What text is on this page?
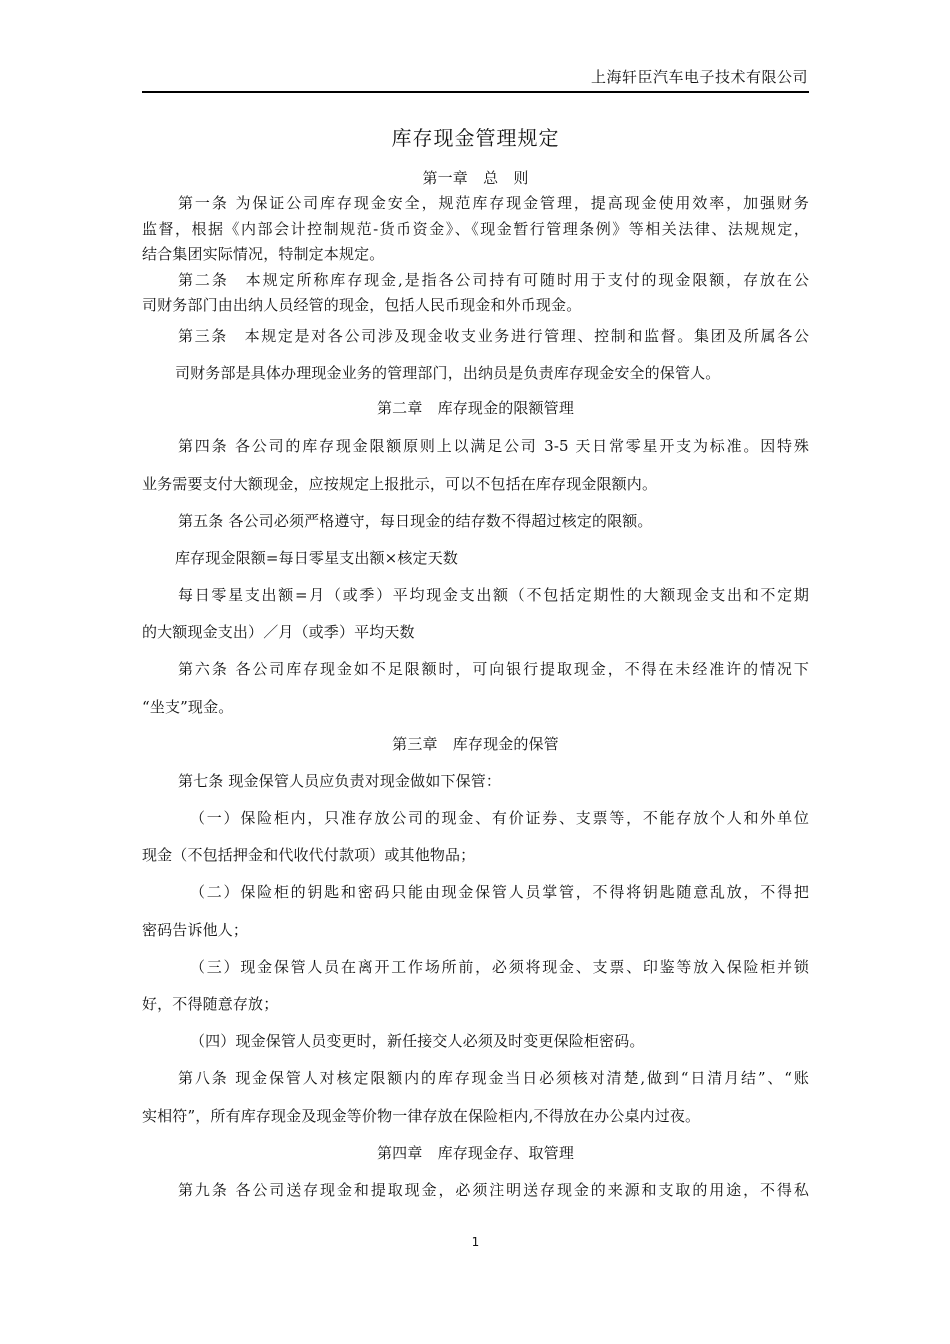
上海轩臣汽车电子技术有限公司
库存现金管理规定
第一章　总　则
第一条 为保证公司库存现金安全，规范库存现金管理，提高现金使用效率，加强财务
监督，根据《内部会计控制规范-货币资金》、《现金暂行管理条例》等相关法律、法规规定，
结合集团实际情况，特制定本规定。
第二条　本规定所称库存现金,是指各公司持有可随时用于支付的现金限额，存放在公
司财务部门由出纳人员经管的现金，包括人民币现金和外币现金。
第三条　本规定是对各公司涉及现金收支业务进行管理、控制和监督。集团及所属各公
司财务部是具体办理现金业务的管理部门，出纳员是负责库存现金安全的保管人。
第二章　库存现金的限额管理
第四条 各公司的库存现金限额原则上以满足公司 3-5 天日常零星开支为标准。因特殊
业务需要支付大额现金，应按规定上报批示，可以不包括在库存现金限额内。
第五条 各公司必须严格遵守，每日现金的结存数不得超过核定的限额。
库存现金限额=每日零星支出额×核定天数
每日零星支出额=月（或季）平均现金支出额（不包括定期性的大额现金支出和不定期
的大额现金支出）／月（或季）平均天数
第六条 各公司库存现金如不足限额时，可向银行提取现金，不得在未经准许的情况下
“坐支”现金。
第三章　库存现金的保管
第七条 现金保管人员应负责对现金做如下保管：
（一）保险柜内，只准存放公司的现金、有价证券、支票等，不能存放个人和外单位
现金（不包括押金和代收代付款项）或其他物品；
（二）保险柜的钥匙和密码只能由现金保管人员掌管，不得将钥匙随意乱放，不得把
密码告诉他人；
（三）现金保管人员在离开工作场所前，必须将现金、支票、印鉴等放入保险柜并锁
好，不得随意存放；
（四）现金保管人员变更时，新任接交人必须及时变更保险柜密码。
第八条 现金保管人对核定限额内的库存现金当日必须核对清楚,做到“日清月结”、“账
实相符”，所有库存现金及现金等价物一律存放在保险柜内,不得放在办公桌内过夜。
第四章　库存现金存、取管理
第九条 各公司送存现金和提取现金，必须注明送存现金的来源和支取的用途，不得私
1
